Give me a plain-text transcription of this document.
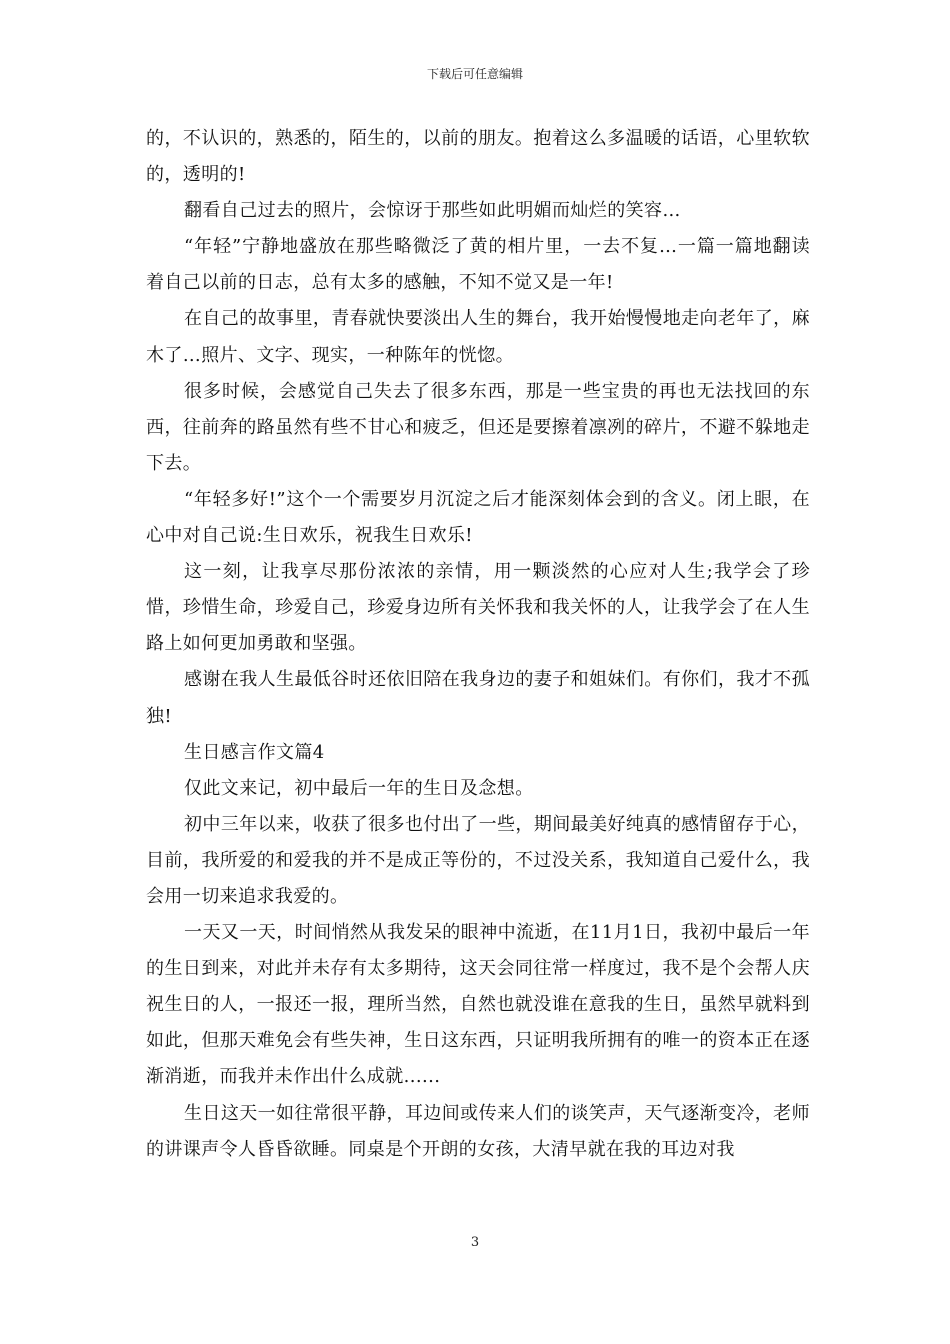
下载后可任意编辑

的，不认识的，熟悉的，陌生的，以前的朋友。抱着这么多温暖的话语，心里软软的，透明的!

翻看自己过去的照片，会惊讶于那些如此明媚而灿烂的笑容…

“年轻”宁静地盛放在那些略微泛了黄的相片里，一去不复…一篇一篇地翻读着自己以前的日志，总有太多的感触，不知不觉又是一年!

在自己的故事里，青春就快要淡出人生的舞台，我开始慢慢地走向老年了，麻木了…照片、文字、现实，一种陈年的恍惚。

很多时候，会感觉自己失去了很多东西，那是一些宝贵的再也无法找回的东西，往前奔的路虽然有些不甘心和疲乏，但还是要擦着凛冽的碎片，不避不躲地走下去。

“年轻多好!”这个一个需要岁月沉淀之后才能深刻体会到的含义。闭上眼，在心中对自己说:生日欢乐，祝我生日欢乐!

这一刻，让我享尽那份浓浓的亲情，用一颗淡然的心应对人生;我学会了珍惜，珍惜生命，珍爱自己，珍爱身边所有关怀我和我关怀的人，让我学会了在人生路上如何更加勇敢和坚强。

感谢在我人生最低谷时还依旧陪在我身边的妻子和姐妹们。有你们，我才不孤独!

生日感言作文篇4

仅此文来记，初中最后一年的生日及念想。

初中三年以来，收获了很多也付出了一些，期间最美好纯真的感情留存于心，目前，我所爱的和爱我的并不是成正等份的，不过没关系，我知道自己爱什么，我会用一切来追求我爱的。

一天又一天，时间悄然从我发呆的眼神中流逝，在11月1日，我初中最后一年的生日到来，对此并未存有太多期待，这天会同往常一样度过，我不是个会帮人庆祝生日的人，一报还一报，理所当然，自然也就没谁在意我的生日，虽然早就料到如此，但那天难免会有些失神，生日这东西，只证明我所拥有的唯一的资本正在逐渐消逝，而我并未作出什么成就......

生日这天一如往常很平静，耳边间或传来人们的谈笑声，天气逐渐变冷，老师的讲课声令人昏昏欲睡。同桌是个开朗的女孩，大清早就在我的耳边对我

3
